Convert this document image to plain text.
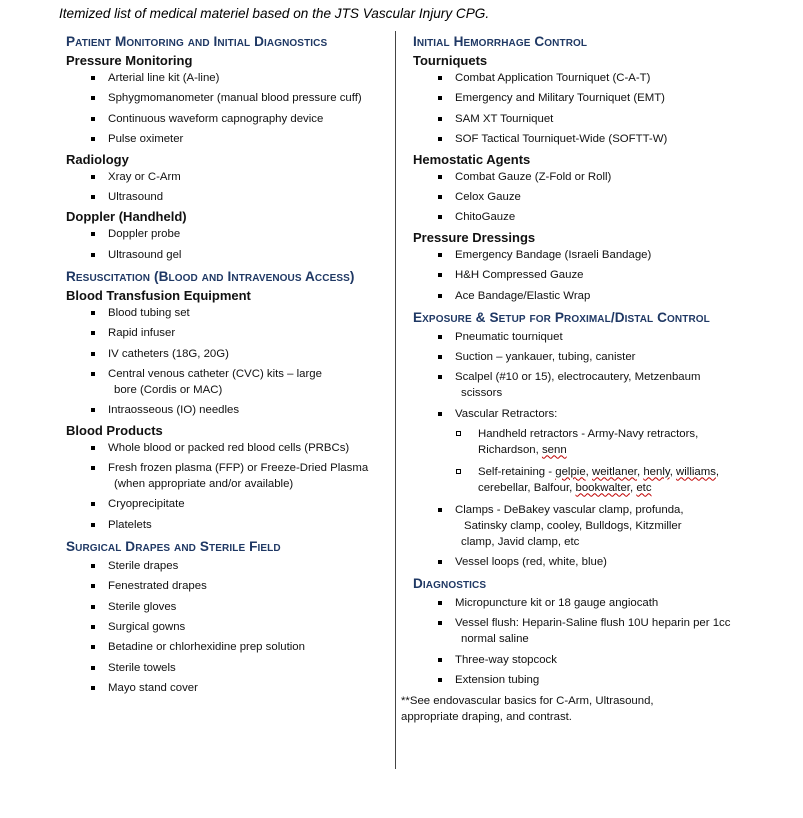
Itemized list of medical materiel based on the JTS Vascular Injury CPG.
Patient Monitoring and Initial Diagnostics
Pressure Monitoring
Arterial line kit (A-line)
Sphygmomanometer (manual blood pressure cuff)
Continuous waveform capnography device
Pulse oximeter
Radiology
Xray or C-Arm
Ultrasound
Doppler (Handheld)
Doppler probe
Ultrasound gel
Resuscitation (Blood and Intravenous Access)
Blood Transfusion Equipment
Blood tubing set
Rapid infuser
IV catheters (18G, 20G)
Central venous catheter (CVC) kits – large
bore (Cordis or MAC)
Intraosseous (IO) needles
Blood Products
Whole blood or packed red blood cells (PRBCs)
Fresh frozen plasma (FFP) or Freeze-Dried Plasma
(when appropriate and/or available)
Cryoprecipitate
Platelets
Surgical Drapes and Sterile Field
Sterile drapes
Fenestrated drapes
Sterile gloves
Surgical gowns
Betadine or chlorhexidine prep solution
Sterile towels
Mayo stand cover
Initial Hemorrhage Control
Tourniquets
Combat Application Tourniquet (C-A-T)
Emergency and Military Tourniquet (EMT)
SAM XT Tourniquet
SOF Tactical Tourniquet-Wide (SOFTT-W)
Hemostatic Agents
Combat Gauze (Z-Fold or Roll)
Celox Gauze
ChitoGauze
Pressure Dressings
Emergency Bandage (Israeli Bandage)
H&H Compressed Gauze
Ace Bandage/Elastic Wrap
Exposure & Setup for Proximal/Distal Control
Pneumatic tourniquet
Suction – yankauer, tubing, canister
Scalpel (#10 or 15), electrocautery, Metzenbaum
scissors
Vascular Retractors:
Handheld retractors - Army-Navy retractors,
Richardson, senn
Self-retaining - gelpie, weitlaner, henly, williams,
cerebellar, Balfour, bookwalter, etc
Clamps - DeBakey vascular clamp, profunda,
Satinsky clamp, cooley, Bulldogs, Kitzmiller
clamp, Javid clamp, etc
Vessel loops (red, white, blue)
Diagnostics
Micropuncture kit or 18 gauge angiocath
Vessel flush: Heparin-Saline flush 10U heparin per 1cc
normal saline
Three-way stopcock
Extension tubing
**See endovascular basics for C-Arm, Ultrasound,
appropriate draping, and contrast.
